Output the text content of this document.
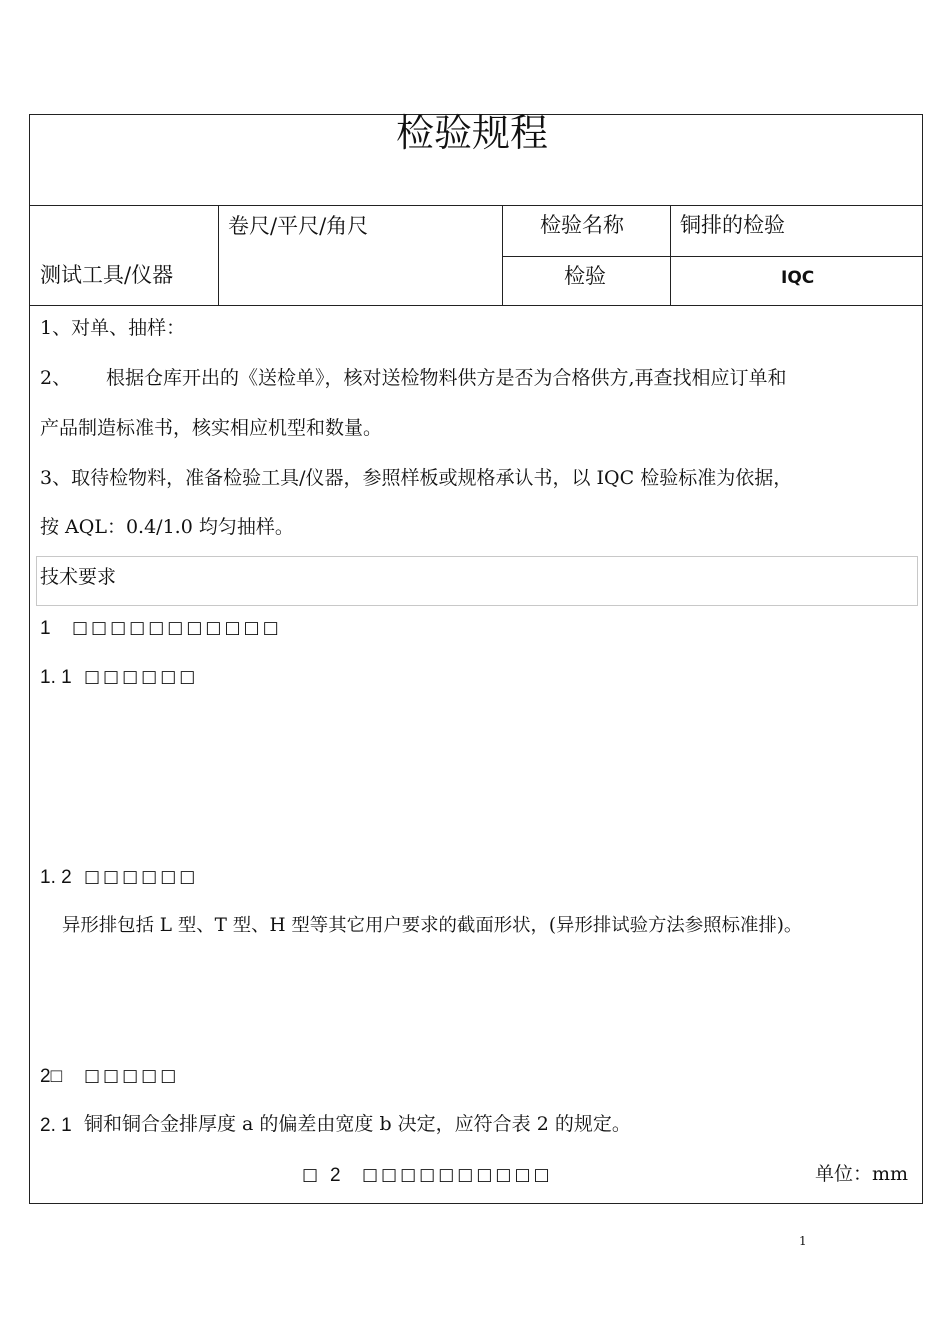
检验规程
测试工具/仪器
卷尺/平尺/角尺	检验名称	铜排的检验
检验	IQC
1、对单、抽样：
2、 根据仓库开出的《送检单》，核对送检物料供方是否为合格供方,再查找相应订单和
产品制造标准书，核实相应机型和数量。
3、取待检物料，准备检验工具/仪器，参照样板或规格承认书，以 IQC 检验标准为依据，
按 AQL：0.4/1.0 均匀抽样。
技术要求
1 □□□□□□□□□□□
1. 1 □□□□□□
1. 2 □□□□□□
异形排包括 L 型、T 型、H 型等其它用户要求的截面形状，(异形排试验方法参照标准排)。
2□ □□□□□
2. 1 铜和铜合金排厚度 a 的偏差由宽度 b 决定，应符合表 2 的规定。
□ 2 □□□□□□□□□□	单位：mm
1
